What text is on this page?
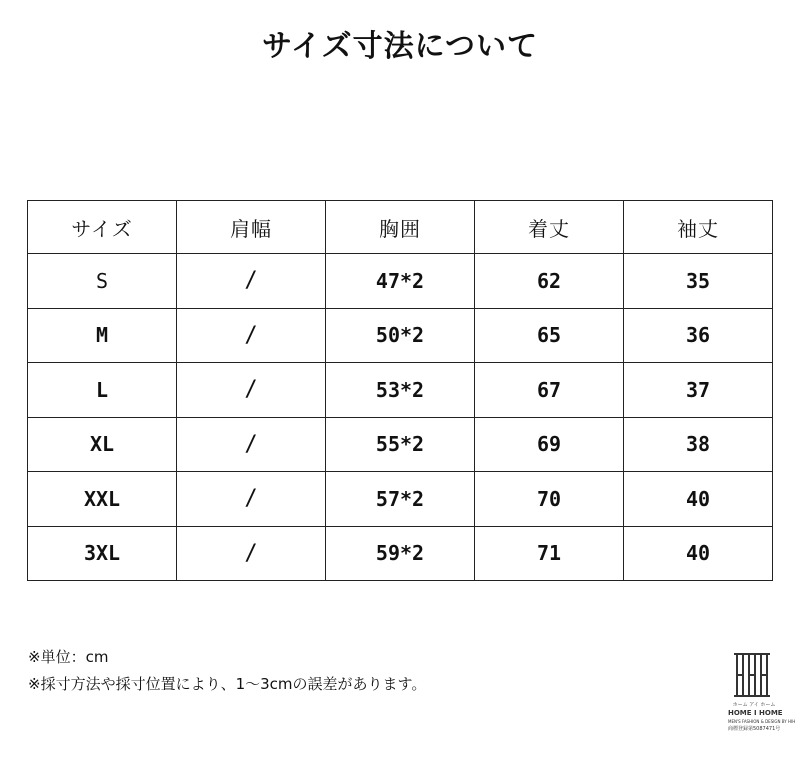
サイズ寸法について
サイズ	肩幅	胸囲	着丈	袖丈
S	/	47*2	62	35
M	/	50*2	65	36
L	/	53*2	67	37
XL	/	55*2	69	38
XXL	/	57*2	70	40
3XL	/	59*2	71	40
※単位：cm
※採寸方法や採寸位置により、1～3cmの誤差があります。
ホーム アイ ホーム
HOME I HOME
MEN'S FASHION & DESIGN BY HIH
商標登録第5087471号
